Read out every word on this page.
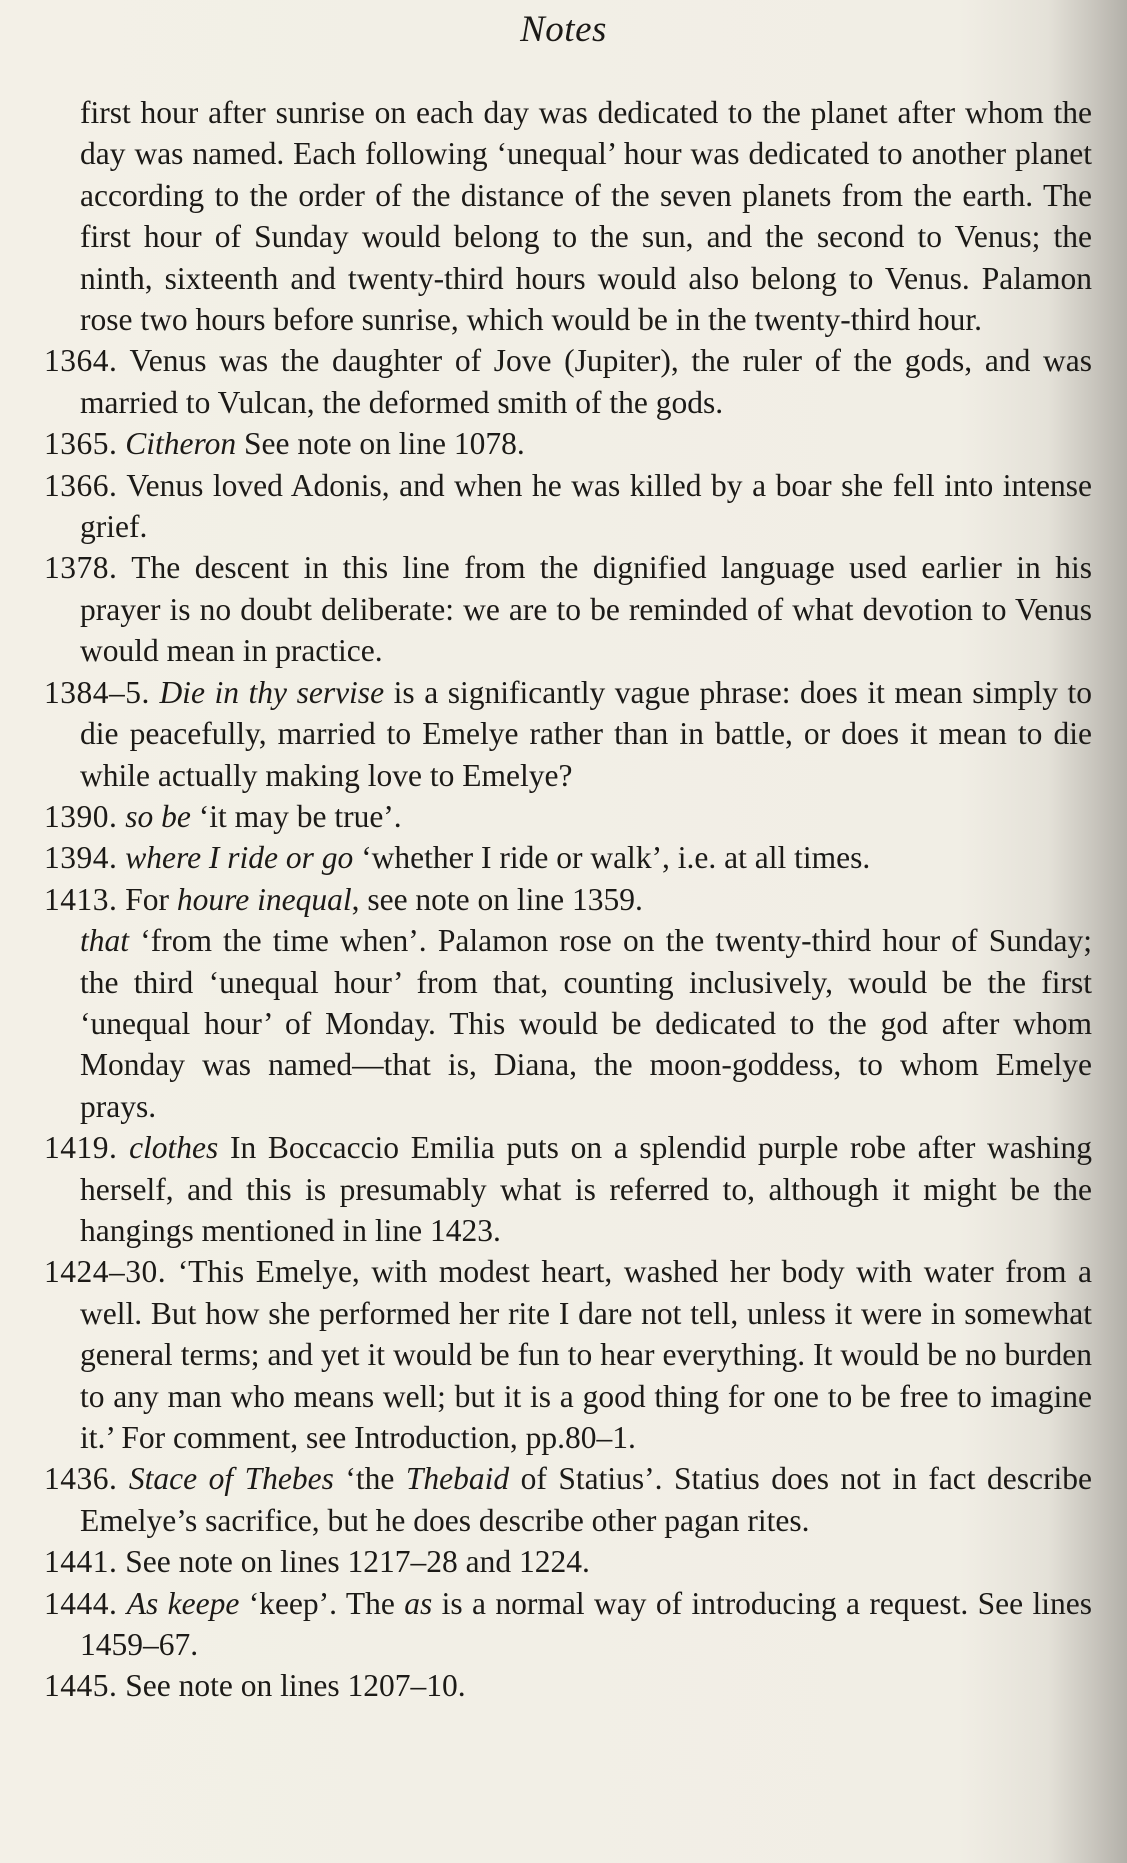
Notes

first hour after sunrise on each day was dedicated to the planet after whom the day was named. Each following ‘unequal’ hour was dedicated to another planet according to the order of the distance of the seven planets from the earth. The first hour of Sunday would belong to the sun, and the second to Venus; the ninth, sixteenth and twenty-third hours would also belong to Venus. Palamon rose two hours before sunrise, which would be in the twenty-third hour.

1364. Venus was the daughter of Jove (Jupiter), the ruler of the gods, and was married to Vulcan, the deformed smith of the gods.

1365. Citheron See note on line 1078.

1366. Venus loved Adonis, and when he was killed by a boar she fell into intense grief.

1378. The descent in this line from the dignified language used earlier in his prayer is no doubt deliberate: we are to be reminded of what devotion to Venus would mean in practice.

1384–5. Die in thy servise is a significantly vague phrase: does it mean simply to die peacefully, married to Emelye rather than in battle, or does it mean to die while actually making love to Emelye?

1390. so be ‘it may be true’.

1394. where I ride or go ‘whether I ride or walk’, i.e. at all times.

1413. For houre inequal, see note on line 1359.

that ‘from the time when’. Palamon rose on the twenty-third hour of Sunday; the third ‘unequal hour’ from that, counting inclusively, would be the first ‘unequal hour’ of Monday. This would be dedicated to the god after whom Monday was named—that is, Diana, the moon-goddess, to whom Emelye prays.

1419. clothes In Boccaccio Emilia puts on a splendid purple robe after washing herself, and this is presumably what is referred to, although it might be the hangings mentioned in line 1423.

1424–30. ‘This Emelye, with modest heart, washed her body with water from a well. But how she performed her rite I dare not tell, unless it were in somewhat general terms; and yet it would be fun to hear everything. It would be no burden to any man who means well; but it is a good thing for one to be free to imagine it.’ For comment, see Introduction, pp.80–1.

1436. Stace of Thebes ‘the Thebaid of Statius’. Statius does not in fact describe Emelye’s sacrifice, but he does describe other pagan rites.

1441. See note on lines 1217–28 and 1224.

1444. As keepe ‘keep’. The as is a normal way of introducing a request. See lines 1459–67.

1445. See note on lines 1207–10.
